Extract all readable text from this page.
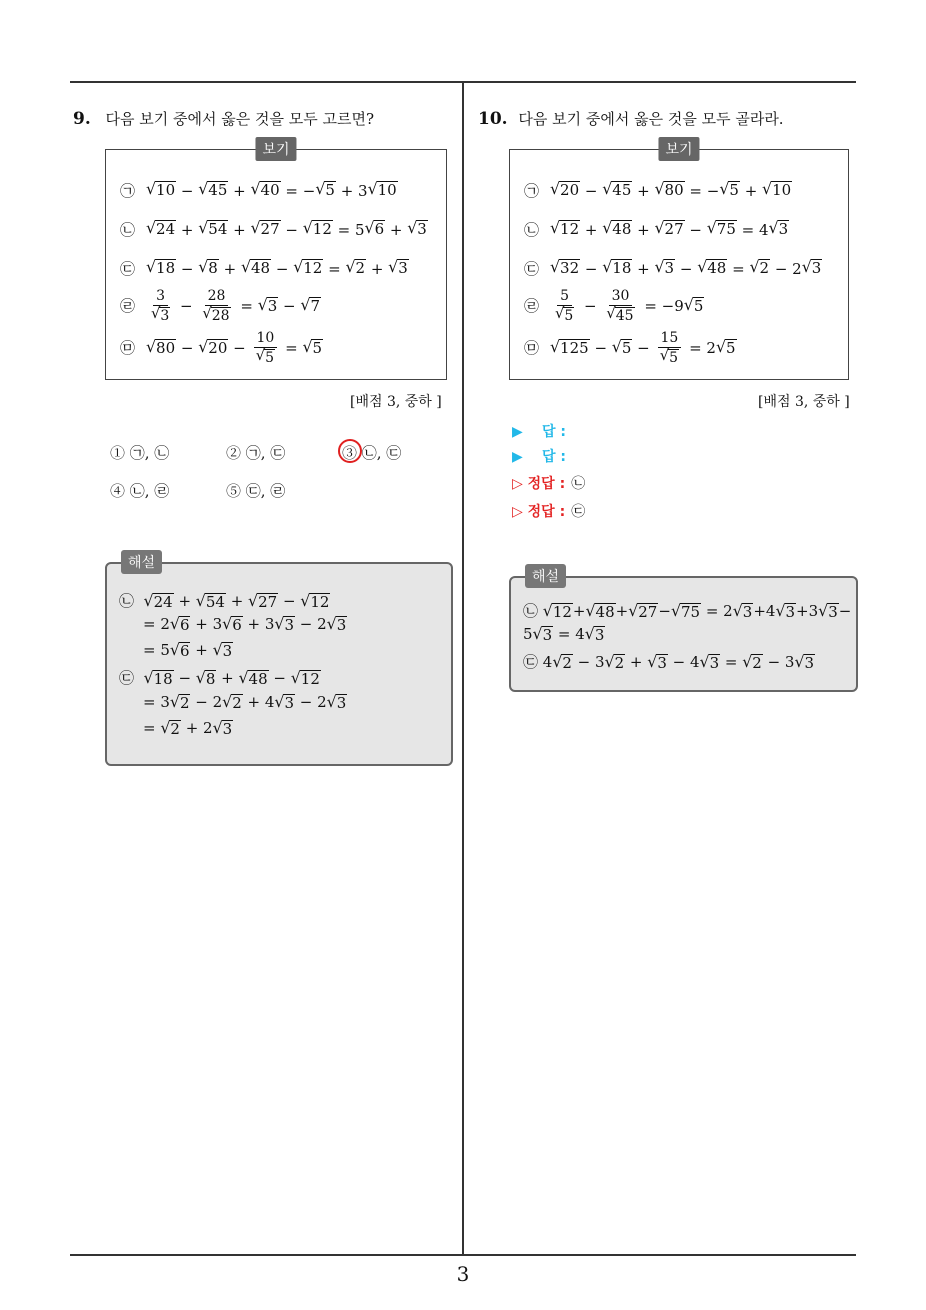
3
9. 다음 보기 중에서 옳은 것을 모두 고르면?
보기
㉠ √ 10 − √ 45 + √ 40 = − √ 5 + 3 √ 10
㉡ √ 24 + √ 54 + √ 27 − √ 12 = 5 √ 6 + √ 3
㉢ √ 18 − √ 8 + √ 48 − √ 12 = √ 2 + √ 3
㉣ $\frac{3}{√ 3} - \frac{28}{√ 28}$ = √ 3 − √ 7
㉤ √ 80 − √ $20 - \frac{10}{√ 5}$ = √ 5
[배점 3, 중하 ]
① ㉠, ㉡	② ㉠, ㉢	③ ㉡, ㉢
④ ㉡, ㉣	⑤ ㉢, ㉣
해설
㉡ √ 24 + √ 54 + √ 27 − √ 12
= 2 √ 6 + 3 √ 6 + 3 √ 3 − 2 √ 3
= 5 √ 6 + √ 3
㉢ √ 18 − √ 8 + √ 48 − √ 12
= 3 √ 2 − 2 √ 2 + 4 √ 3 − 2 √ 3
= √ 2 + 2 √ 3
10. 다음 보기 중에서 옳은 것을 모두 골라라.
보기
㉠ √ 20 − √ 45 + √ 80 = − √ 5 + √ 10
㉡ √ 12 + √ 48 + √ 27 − √ 75 = 4 √ 3
㉢ √ 32 − √ 18 + √ 3 − √ 48 = √ 2 − 2 √ 3
㉣ $\frac{5}{√ 5} - \frac{30}{√ 45} = -9$ √ 5
㉤ √ 125 − √ $5 - \frac{15}{√ 5} = 2$ √ 5
[배점 3, 중하 ]
▶ 답 :
▶ 답 :
▷ 정답 : ㉡
▷ 정답 : ㉢
해설
㉡ √ 12 + √ 48 + √ 27 − √ 75 = 2 √ 3 +4 √ 3 +3 √ 3 −
5 √ 3 = 4 √ 3
㉢ 4 √ 2 − 3 √ 2 + √ 3 − 4 √ 3 = √ 2 − 3 √ 3
